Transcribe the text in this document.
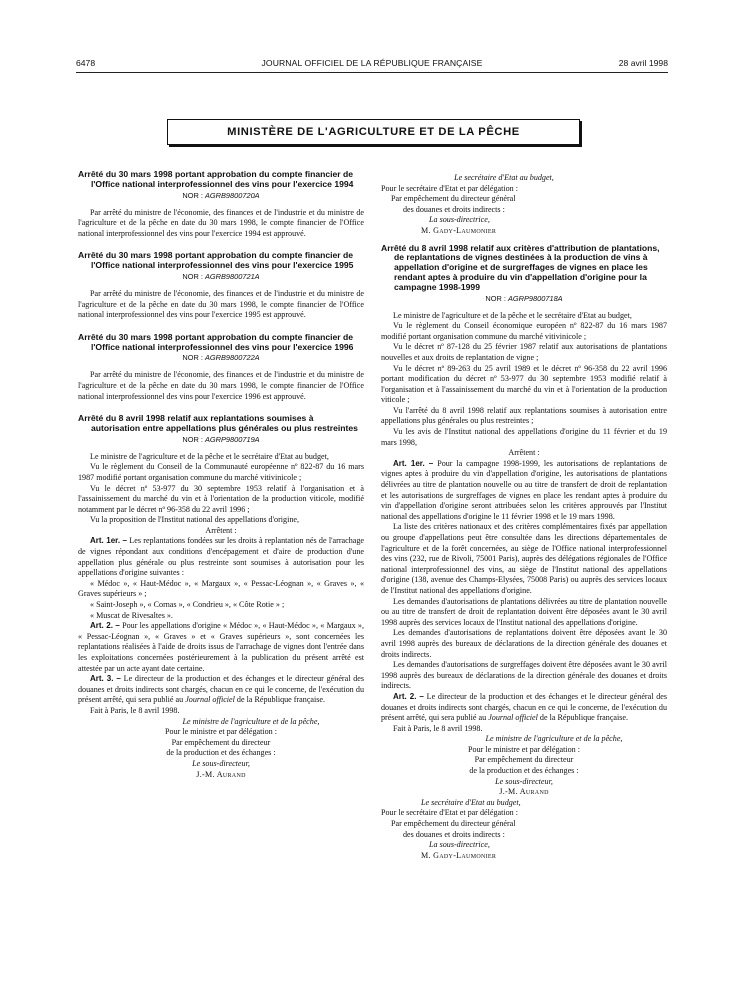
6478	JOURNAL OFFICIEL DE LA RÉPUBLIQUE FRANÇAISE	28 avril 1998
MINISTÈRE DE L'AGRICULTURE ET DE LA PÊCHE
Arrêté du 30 mars 1998 portant approbation du compte financier de l'Office national interprofessionnel des vins pour l'exercice 1994
NOR : AGRB9800720A

Par arrêté du ministre de l'économie, des finances et de l'industrie et du ministre de l'agriculture et de la pêche en date du 30 mars 1998, le compte financier de l'Office national interprofessionnel des vins pour l'exercice 1994 est approuvé.

Arrêté du 30 mars 1998 portant approbation du compte financier de l'Office national interprofessionnel des vins pour l'exercice 1995
NOR : AGRB9800721A

Par arrêté du ministre de l'économie, des finances et de l'industrie et du ministre de l'agriculture et de la pêche en date du 30 mars 1998, le compte financier de l'Office national interprofessionnel des vins pour l'exercice 1995 est approuvé.

Arrêté du 30 mars 1998 portant approbation du compte financier de l'Office national interprofessionnel des vins pour l'exercice 1996
NOR : AGRB9800722A

Par arrêté du ministre de l'économie, des finances et de l'industrie et du ministre de l'agriculture et de la pêche en date du 30 mars 1998, le compte financier de l'Office national interprofessionnel des vins pour l'exercice 1996 est approuvé.

Arrêté du 8 avril 1998 relatif aux replantations soumises à autorisation entre appellations plus générales ou plus restreintes
NOR : AGRP9800719A

Le ministre de l'agriculture et de la pêche et le secrétaire d'Etat au budget,

Vu le règlement du Conseil de la Communauté européenne nº 822-87 du 16 mars 1987 modifié portant organisation commune du marché vitivinicole ;

Vu le décret nº 53-977 du 30 septembre 1953 relatif à l'organisation et à l'assainissement du marché du vin et à l'orientation de la production viticole, modifié notamment par le décret nº 96-358 du 22 avril 1996 ;

Vu la proposition de l'Institut national des appellations d'origine,

Arrêtent :

Art. 1er. – Les replantations fondées sur les droits à replantation nés de l'arrachage de vignes répondant aux conditions d'encépagement et d'aire de production d'une appellation plus générale ou plus restreinte sont soumises à autorisation pour les appellations d'origine suivantes :

« Médoc », « Haut-Médoc », « Margaux », « Pessac-Léognan », « Graves », « Graves supérieurs » ;

« Saint-Joseph », « Cornas », « Condrieu », « Côte Rotie » ;

« Muscat de Rivesaltes ».

Art. 2. – Pour les appellations d'origine « Médoc », « Haut-Médoc », « Margaux », « Pessac-Léognan », « Graves » et « Graves supérieurs », sont concernées les replantations réalisées à l'aide de droits issus de l'arrachage de vignes dont l'entrée dans les exploitations concernées postérieurement à la publication du présent arrêté est attestée par un acte ayant date certaine.

Art. 3. – Le directeur de la production et des échanges et le directeur général des douanes et droits indirects sont chargés, chacun en ce qui le concerne, de l'exécution du présent arrêté, qui sera publié au Journal officiel de la République française.

Fait à Paris, le 8 avril 1998.

Le ministre de l'agriculture et de la pêche,

Pour le ministre et par délégation :

Par empêchement du directeur

de la production et des échanges :

Le sous-directeur,

J.-M. Aurand

Le secrétaire d'Etat au budget,

Pour le secrétaire d'Etat et par délégation :

Par empêchement du directeur général

des douanes et droits indirects :

La sous-directrice,

M. Gady-Laumonier

Arrêté du 8 avril 1998 relatif aux critères d'attribution de plantations, de replantations de vignes destinées à la production de vins à appellation d'origine et de surgreffages de vignes en place les rendant aptes à produire du vin d'appellation d'origine pour la campagne 1998-1999
NOR : AGRP9800718A

Le ministre de l'agriculture et de la pêche et le secrétaire d'Etat au budget,

Vu le règlement du Conseil économique européen nº 822-87 du 16 mars 1987 modifié portant organisation commune du marché vitivinicole ;

Vu le décret nº 87-128 du 25 février 1987 relatif aux autorisations de plantations nouvelles et aux droits de replantation de vigne ;

Vu le décret nº 89-263 du 25 avril 1989 et le décret nº 96-358 du 22 avril 1996 portant modification du décret nº 53-977 du 30 septembre 1953 modifié relatif à l'organisation et à l'assainissement du marché du vin et à l'orientation de la production viticole ;

Vu l'arrêté du 8 avril 1998 relatif aux replantations soumises à autorisation entre appellations plus générales ou plus restreintes ;

Vu les avis de l'Institut national des appellations d'origine du 11 février et du 19 mars 1998,

Arrêtent :

Art. 1er. – Pour la campagne 1998-1999, les autorisations de replantations de vignes aptes à produire du vin d'appellation d'origine, les autorisations de plantations délivrées au titre de plantation nouvelle ou au titre de transfert de droit de replantation et les autorisations de surgreffages de vignes en place les rendant aptes à produire du vin d'appellation d'origine seront attribuées selon les critères approuvés par l'Institut national des appellations d'origine le 11 février 1998 et le 19 mars 1998.

La liste des critères nationaux et des critères complémentaires fixés par appellation ou groupe d'appellations peut être consultée dans les directions départementales de l'agriculture et de la forêt concernées, au siège de l'Office national interprofessionnel des vins (232, rue de Rivoli, 75001 Paris), auprès des délégations régionales de l'Office national interprofessionnel des vins, au siège de l'Institut national des appellations d'origine (138, avenue des Champs-Elysées, 75008 Paris) ou auprès des services locaux de l'Institut national des appellations d'origine.

Les demandes d'autorisations de plantations délivrées au titre de plantation nouvelle ou au titre de transfert de droit de replantation doivent être déposées avant le 30 avril 1998 auprès des services locaux de l'Institut national des appellations d'origine.

Les demandes d'autorisations de replantations doivent être déposées avant le 30 avril 1998 auprès des bureaux de déclarations de la direction générale des douanes et droits indirects.

Les demandes d'autorisations de surgreffages doivent être déposées avant le 30 avril 1998 auprès des bureaux de déclarations de la direction générale des douanes et droits indirects.

Art. 2. – Le directeur de la production et des échanges et le directeur général des douanes et droits indirects sont chargés, chacun en ce qui le concerne, de l'exécution du présent arrêté, qui sera publié au Journal officiel de la République française.

Fait à Paris, le 8 avril 1998.

Le ministre de l'agriculture et de la pêche,

Pour le ministre et par délégation :

Par empêchement du directeur

de la production et des échanges :

Le sous-directeur,

J.-M. Aurand

Le secrétaire d'Etat au budget,

Pour le secrétaire d'Etat et par délégation :

Par empêchement du directeur général

des douanes et droits indirects :

La sous-directrice,

M. Gady-Laumonier
